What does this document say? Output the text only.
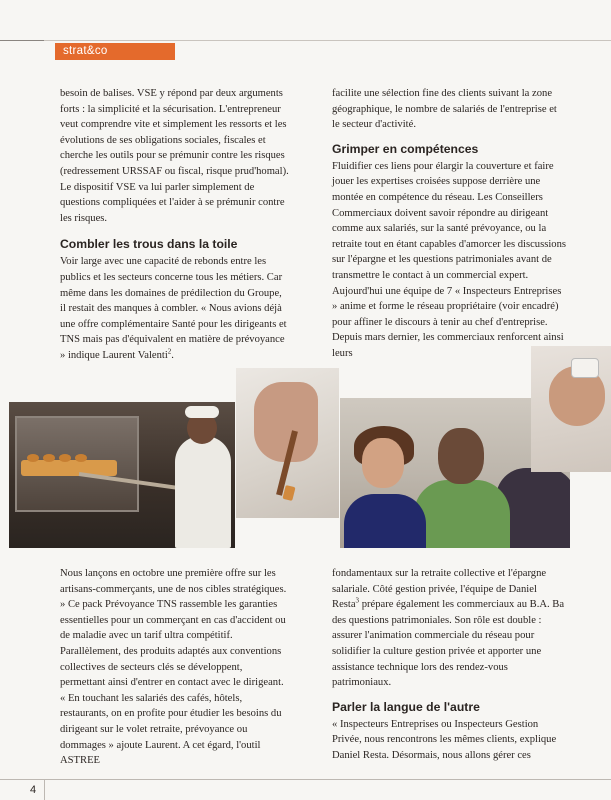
strat&co

besoin de balises. VSE y répond par deux arguments forts : la simplicité et la sécurisation. L'entrepreneur veut comprendre vite et simplement les ressorts et les évolutions de ses obligations sociales, fiscales et cherche les outils pour se prémunir contre les risques (redressement URSSAF ou fiscal, risque prud'homal). Le dispositif VSE va lui parler simplement de questions compliquées et l'aider à se prémunir contre les risques.

Combler les trous dans la toile

Voir large avec une capacité de rebonds entre les publics et les secteurs concerne tous les métiers. Car même dans les domaines de prédilection du Groupe, il restait des manques à combler. « Nous avions déjà une offre complémentaire Santé pour les dirigeants et TNS mais pas d'équivalent en matière de prévoyance » indique Laurent Valenti$^2$.

facilite une sélection fine des clients suivant la zone géographique, le nombre de salariés de l'entreprise et le secteur d'activité.

Grimper en compétences

Fluidifier ces liens pour élargir la couverture et faire jouer les expertises croisées suppose derrière une montée en compétence du réseau. Les Conseillers Commerciaux doivent savoir répondre au dirigeant comme aux salariés, sur la santé prévoyance, ou la retraite tout en étant capables d'amorcer les discussions sur l'épargne et les questions patrimoniales avant de transmettre le contact à un commercial expert. Aujourd'hui une équipe de 7 « Inspecteurs Entreprises » anime et forme le réseau propriétaire (voir encadré) pour affiner le discours à tenir au chef d'entreprise. Depuis mars dernier, les commerciaux renforcent ainsi leurs

Nous lançons en octobre une première offre sur les artisans-commerçants, une de nos cibles stratégiques. » Ce pack Prévoyance TNS rassemble les garanties essentielles pour un commerçant en cas d'accident ou de maladie avec un tarif ultra compétitif. Parallèlement, des produits adaptés aux conventions collectives de secteurs clés se développent, permettant ainsi d'entrer en contact avec le dirigeant. « En touchant les salariés des cafés, hôtels, restaurants, on en profite pour étudier les besoins du dirigeant sur le volet retraite, prévoyance ou dommages » ajoute Laurent. A cet égard, l'outil ASTREE

fondamentaux sur la retraite collective et l'épargne salariale. Côté gestion privée, l'équipe de Daniel Resta$^3$ prépare également les commerciaux au B.A. Ba des questions patrimoniales. Son rôle est double : assurer l'animation commerciale du réseau pour solidifier la culture gestion privée et apporter une assistance technique lors des rendez-vous patrimoniaux.

Parler la langue de l'autre

« Inspecteurs Entreprises ou Inspecteurs Gestion Privée, nous rencontrons les mêmes clients, explique Daniel Resta. Désormais, nous allons gérer ces

4
